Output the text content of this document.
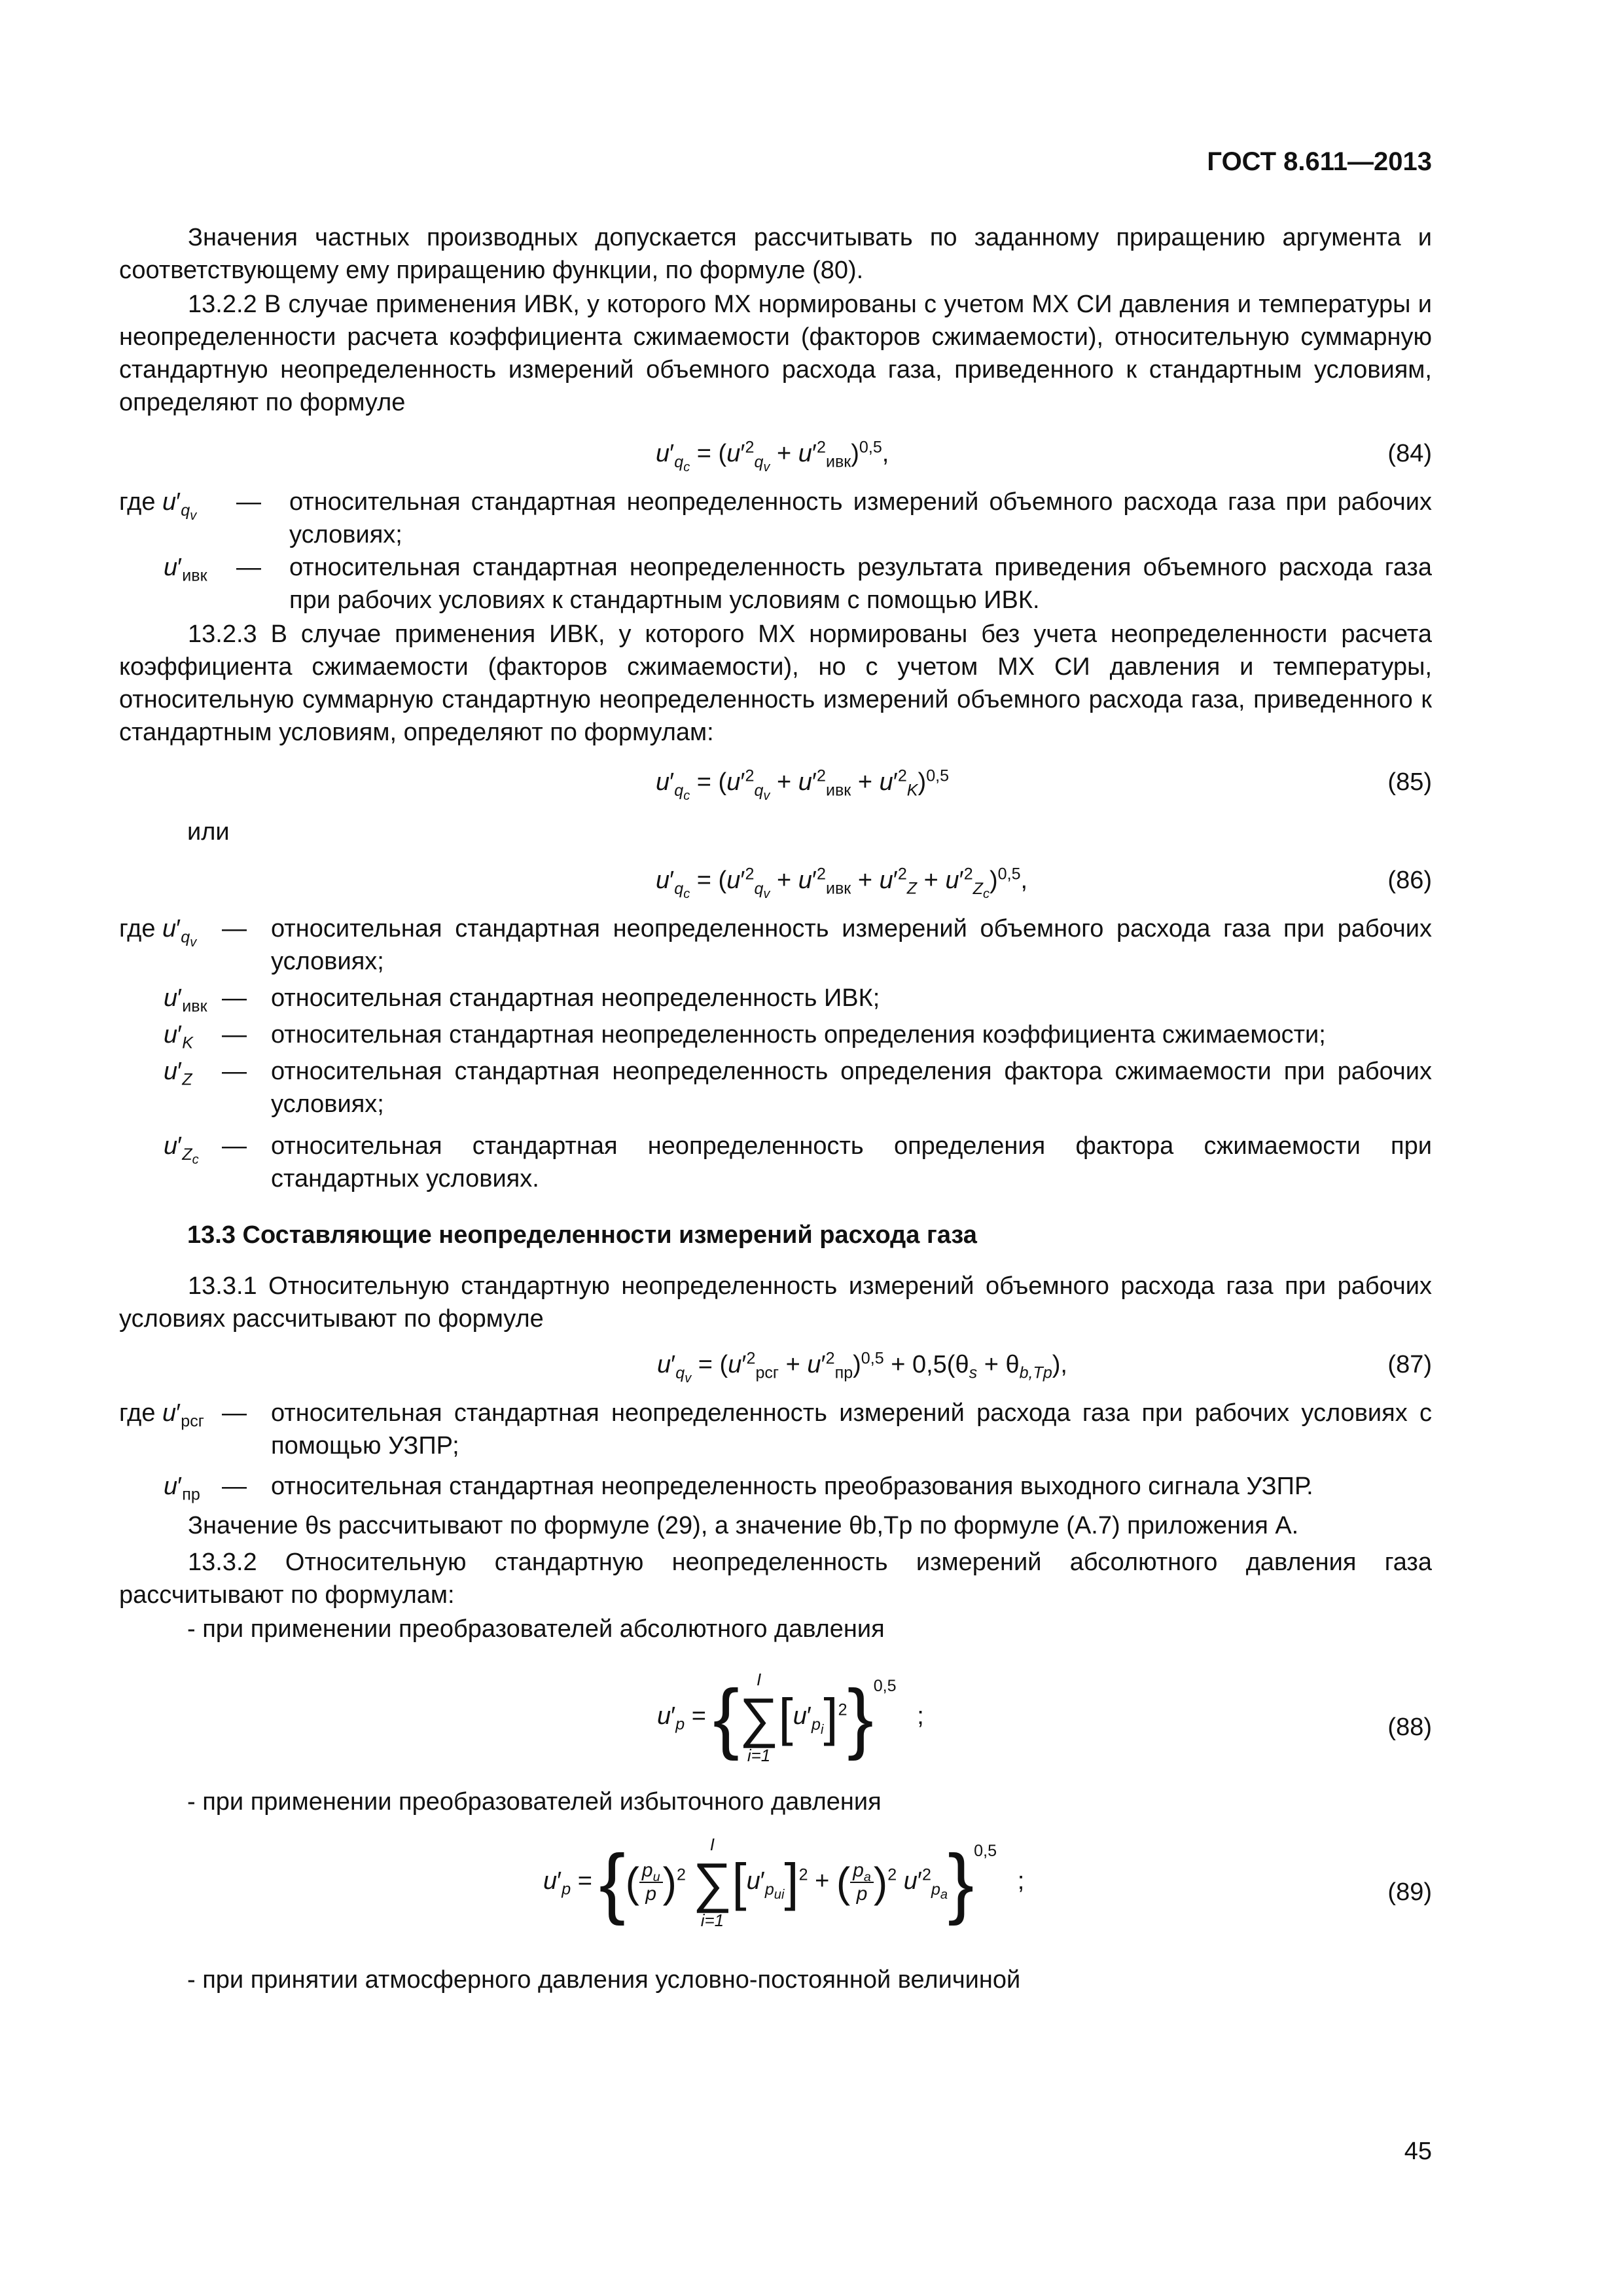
ГОСТ 8.611—2013
Значения частных производных допускается рассчитывать по заданному приращению аргумента и соответствующему ему приращению функции, по формуле (80).
13.2.2 В случае применения ИВК, у которого МХ нормированы с учетом МХ СИ давления и температуры и неопределенности расчета коэффициента сжимаемости (факторов сжимаемости), относительную суммарную стандартную неопределенность измерений объемного расхода газа, приведенного к стандартным условиям, определяют по формуле
$u'_{q_c} = (u'^2_{q_v} + u'^2_{ивк})^{0,5}$,	(84)
где $u'_{q_v}$	— относительная стандартная неопределенность измерений объемного расхода газа при рабочих условиях;
$u'_{ивк}$	— относительная стандартная неопределенность результата приведения объемного расхода газа при рабочих условиях к стандартным условиям с помощью ИВК.
13.2.3 В случае применения ИВК, у которого МХ нормированы без учета неопределенности расчета коэффициента сжимаемости (факторов сжимаемости), но с учетом МХ СИ давления и температуры, относительную суммарную стандартную неопределенность измерений объемного расхода газа, приведенного к стандартным условиям, определяют по формулам:
$u'_{q_c} = (u'^2_{q_v} + u'^2_{ивк} + u'^2_K)^{0,5}$	(85)
или
$u'_{q_c} = (u'^2_{q_v} + u'^2_{ивк} + u'^2_Z + u'^2_{Z_c})^{0,5}$,	(86)
где $u'_{q_v}$	— относительная стандартная неопределенность измерений объемного расхода газа при рабочих условиях;
$u'_{ивк}$ — относительная стандартная неопределенность ИВК;
$u'_K$	— относительная стандартная неопределенность определения коэффициента сжимаемости;
$u'_Z$	— относительная стандартная неопределенность определения фактора сжимаемости при рабочих условиях;
$u'_{Z_c}$ — относительная стандартная неопределенность определения фактора сжимаемости при стандартных условиях.
13.3 Составляющие неопределенности измерений расхода газа
13.3.1 Относительную стандартную неопределенность измерений объемного расхода газа при рабочих условиях рассчитывают по формуле
$u'_{q_v} = (u'^2_{рсг} + u'^2_{пр})^{0,5} + 0,5(\theta_s + \theta_{b,Tp})$,	(87)
где $u'_{рсг}$ — относительная стандартная неопределенность измерений расхода газа при рабочих условиях с помощью УЗПР;
$u'_{пр}$ — относительная стандартная неопределенность преобразования выходного сигнала УЗПР.
Значение θs рассчитывают по формуле (29), а значение θb,Tp по формуле (А.7) приложения А.
13.3.2 Относительную стандартную неопределенность измерений абсолютного давления газа рассчитывают по формулам:
- при применении преобразователей абсолютного давления
$u'_p$ = {	I
∑
i=1
$[u'_{p_i}]^2\}^{0,5}$   ;	(88)
- при применении преобразователей избыточного давления
$u'_p$ = {( $\frac{p_и}{p} )^2$
I
∑
i=1
$[u'_{p_{иi}}]^2$ + ( $\frac{p_а}{p} )^2$ $u'^2_{p_а}\}^{0,5}$   ;	(89)
- при принятии атмосферного давления условно-постоянной величиной
45
